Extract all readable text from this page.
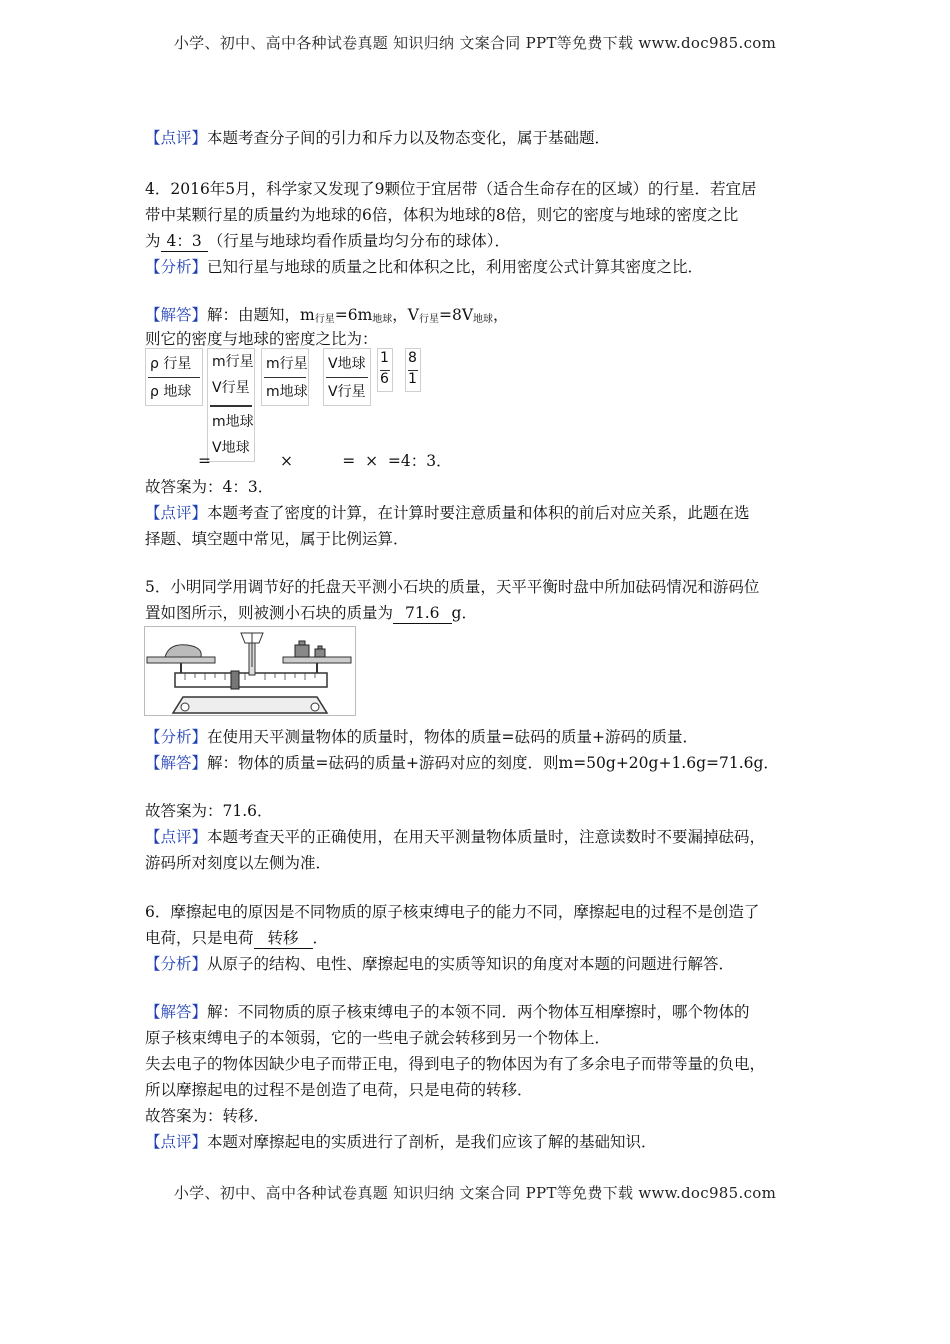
小学、初中、高中各种试卷真题 知识归纳 文案合同 PPT等免费下载 www.doc985.com
【点评】本题考查分子间的引力和斥力以及物态变化，属于基础题．
4．2016年5月，科学家又发现了9颗位于宜居带（适合生命存在的区域）的行星．若宜居
带中某颗行星的质量约为地球的6倍，体积为地球的8倍，则它的密度与地球的密度之比
为 4：3 （行星与地球均看作质量均匀分布的球体）．
【分析】已知行星与地球的质量之比和体积之比，利用密度公式计算其密度之比．
【解答】解：由题知，$m_{行星}=6m_{地球}$，$V_{行星}=8V_{地球}$，
则它的密度与地球的密度之比为：
ρ 行星
ρ 地球
m行星
V行星
m地球
V地球
m行星
m地球
V地球
V行星
1
6
8
1
=              ×          =  ×  =4：3．
故答案为：4：3．
【点评】本题考查了密度的计算，在计算时要注意质量和体积的前后对应关系，此题在选
择题、填空题中常见，属于比例运算．
5．小明同学用调节好的托盘天平测小石块的质量，天平平衡时盘中所加砝码情况和游码位
置如图所示，则被测小石块的质量为 71.6 g．
【分析】在使用天平测量物体的质量时，物体的质量=砝码的质量+游码的质量．
【解答】解：物体的质量=砝码的质量+游码对应的刻度．则m=50g+20g+1.6g=71.6g．
故答案为：71.6．
【点评】本题考查天平的正确使用，在用天平测量物体质量时，注意读数时不要漏掉砝码，
游码所对刻度以左侧为准．
6．摩擦起电的原因是不同物质的原子核束缚电子的能力不同，摩擦起电的过程不是创造了
电荷，只是电荷 转移 ．
【分析】从原子的结构、电性、摩擦起电的实质等知识的角度对本题的问题进行解答．
【解答】解：不同物质的原子核束缚电子的本领不同．两个物体互相摩擦时，哪个物体的
原子核束缚电子的本领弱，它的一些电子就会转移到另一个物体上．
失去电子的物体因缺少电子而带正电，得到电子的物体因为有了多余电子而带等量的负电，
所以摩擦起电的过程不是创造了电荷，只是电荷的转移．
故答案为：转移．
【点评】本题对摩擦起电的实质进行了剖析，是我们应该了解的基础知识．
小学、初中、高中各种试卷真题 知识归纳 文案合同 PPT等免费下载 www.doc985.com
